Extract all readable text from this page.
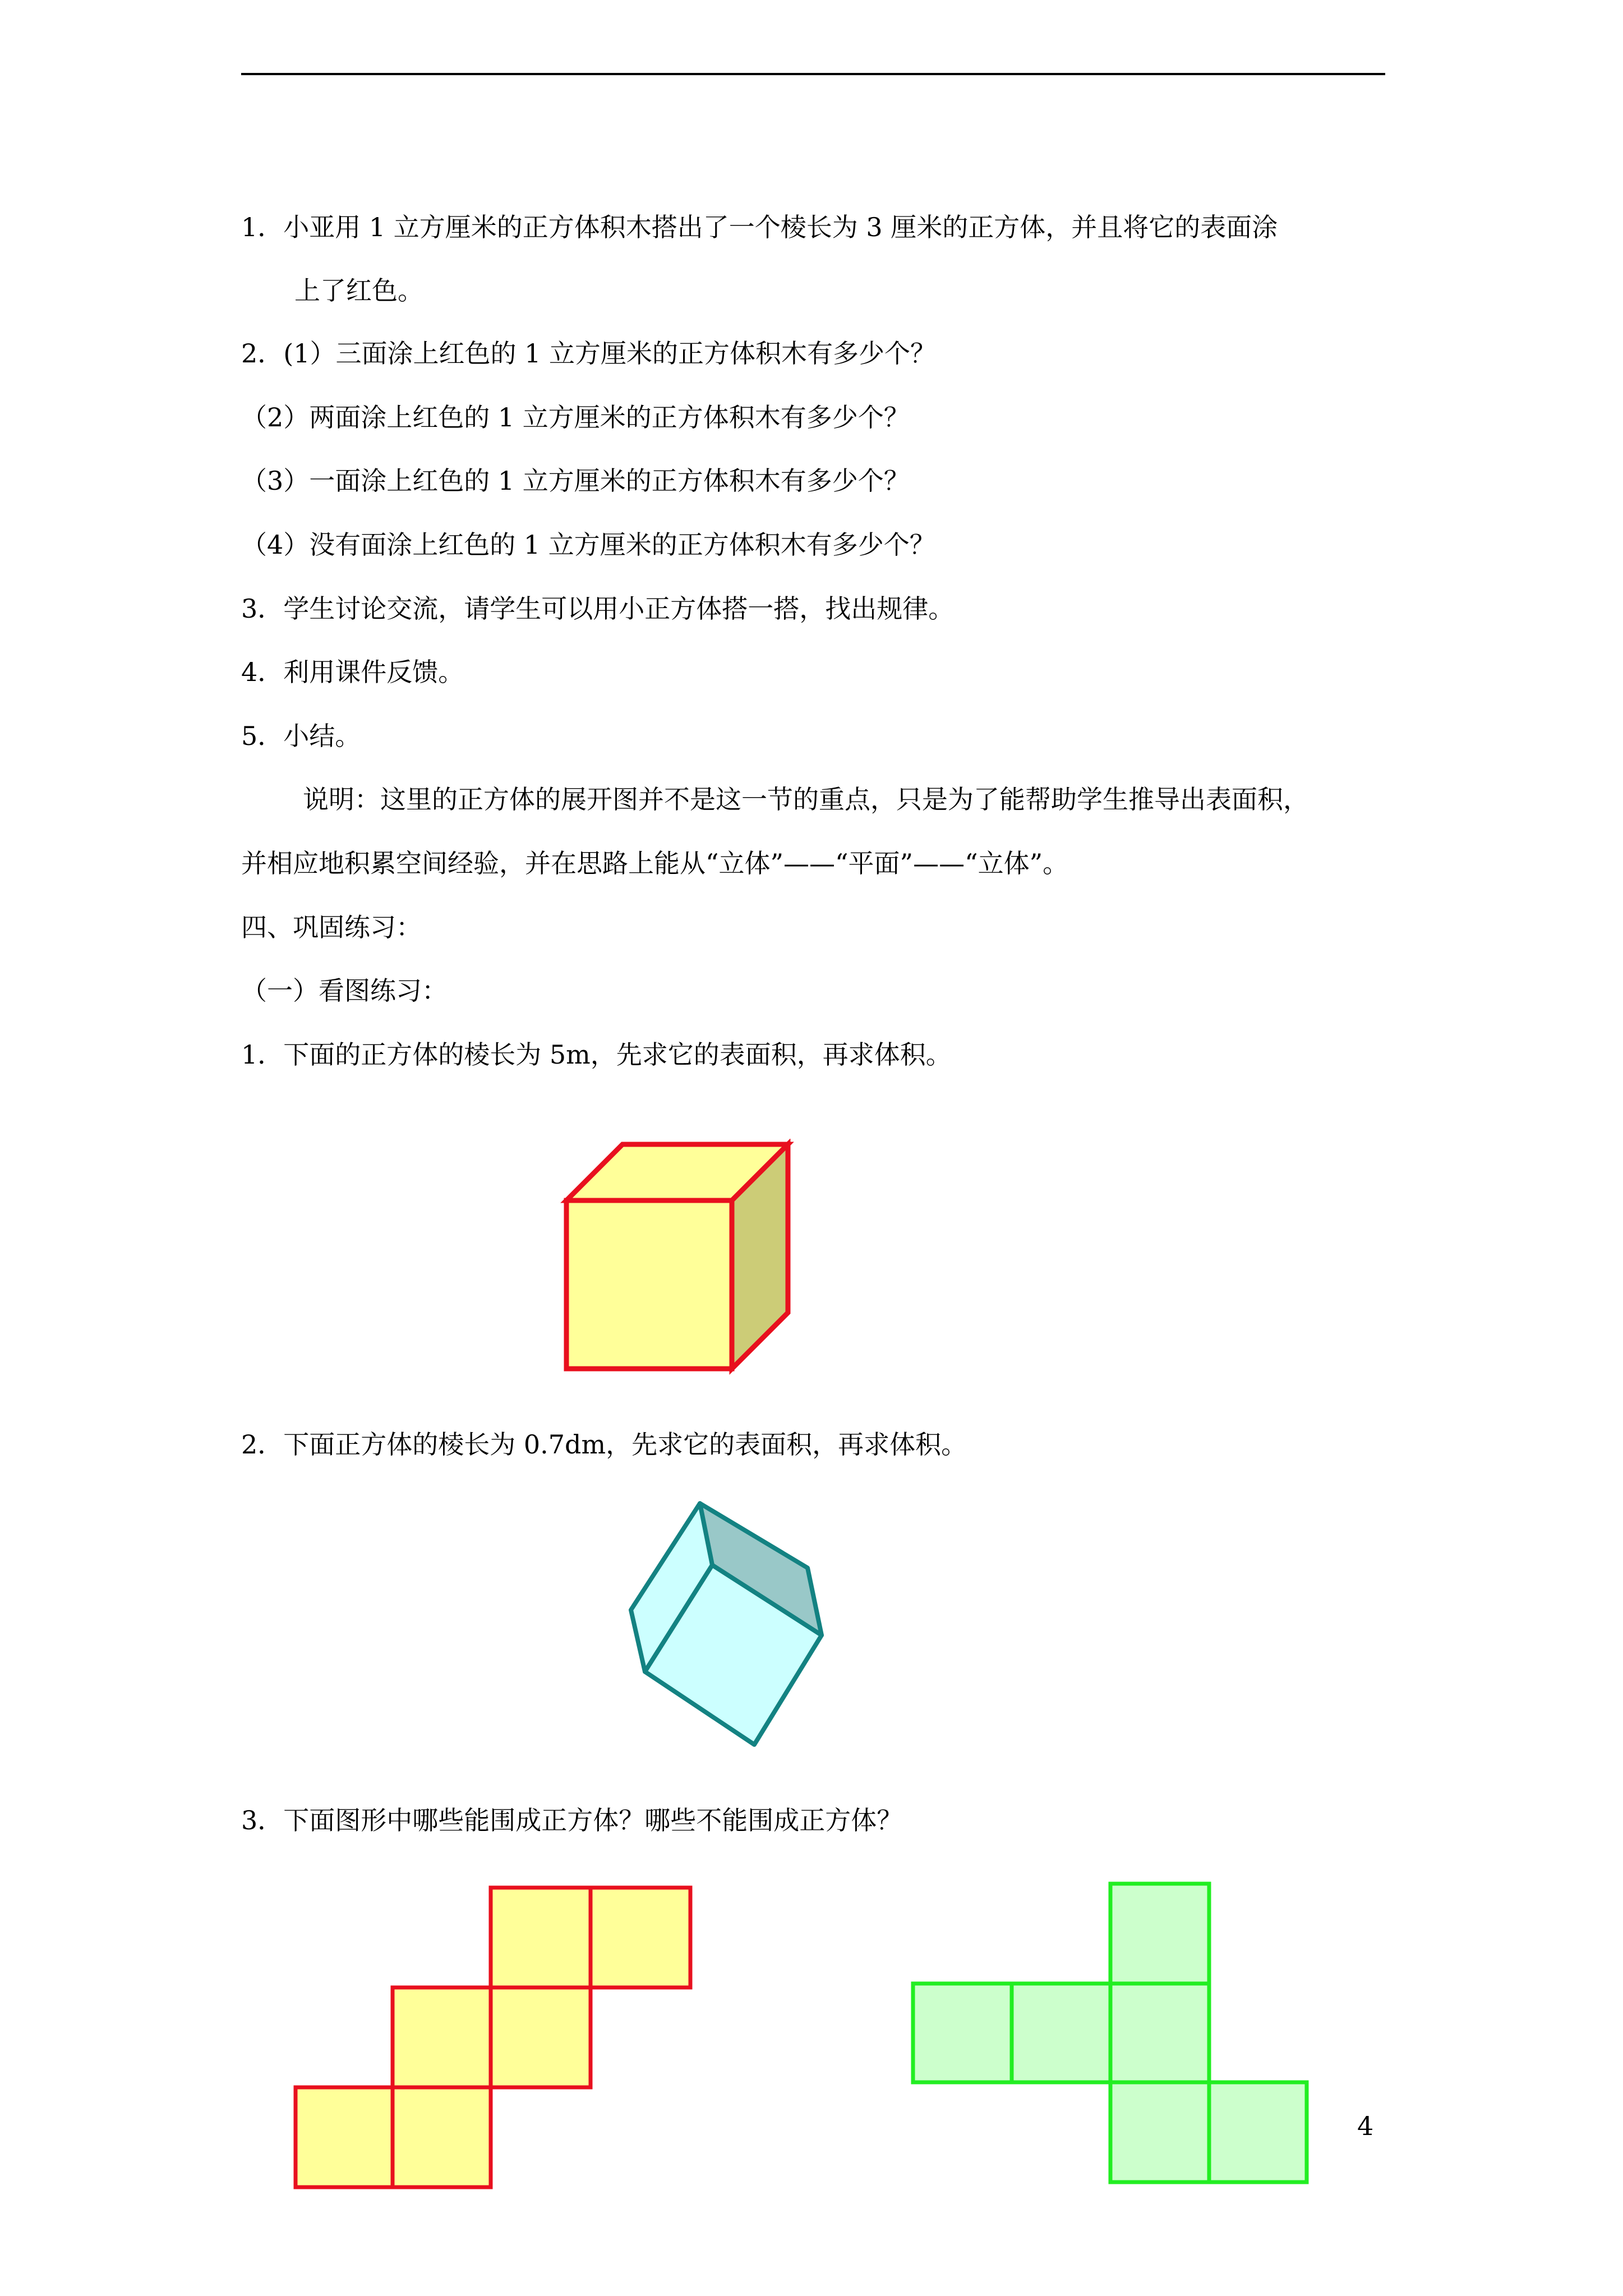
1．小亚用 1 立方厘米的正方体积木搭出了一个棱长为 3 厘米的正方体，并且将它的表面涂
上了红色。
2．(1）三面涂上红色的 1 立方厘米的正方体积木有多少个？
（2）两面涂上红色的 1 立方厘米的正方体积木有多少个？
（3）一面涂上红色的 1 立方厘米的正方体积木有多少个？
（4）没有面涂上红色的 1 立方厘米的正方体积木有多少个？
3．学生讨论交流，请学生可以用小正方体搭一搭，找出规律。
4．利用课件反馈。
5．小结。
说明：这里的正方体的展开图并不是这一节的重点，只是为了能帮助学生推导出表面积，
并相应地积累空间经验，并在思路上能从“立体”——“平面”——“立体”。
四、巩固练习：
（一）看图练习：
1．下面的正方体的棱长为 5m，先求它的表面积，再求体积。
2．下面正方体的棱长为 0.7dm，先求它的表面积，再求体积。
3．下面图形中哪些能围成正方体？哪些不能围成正方体？
4
